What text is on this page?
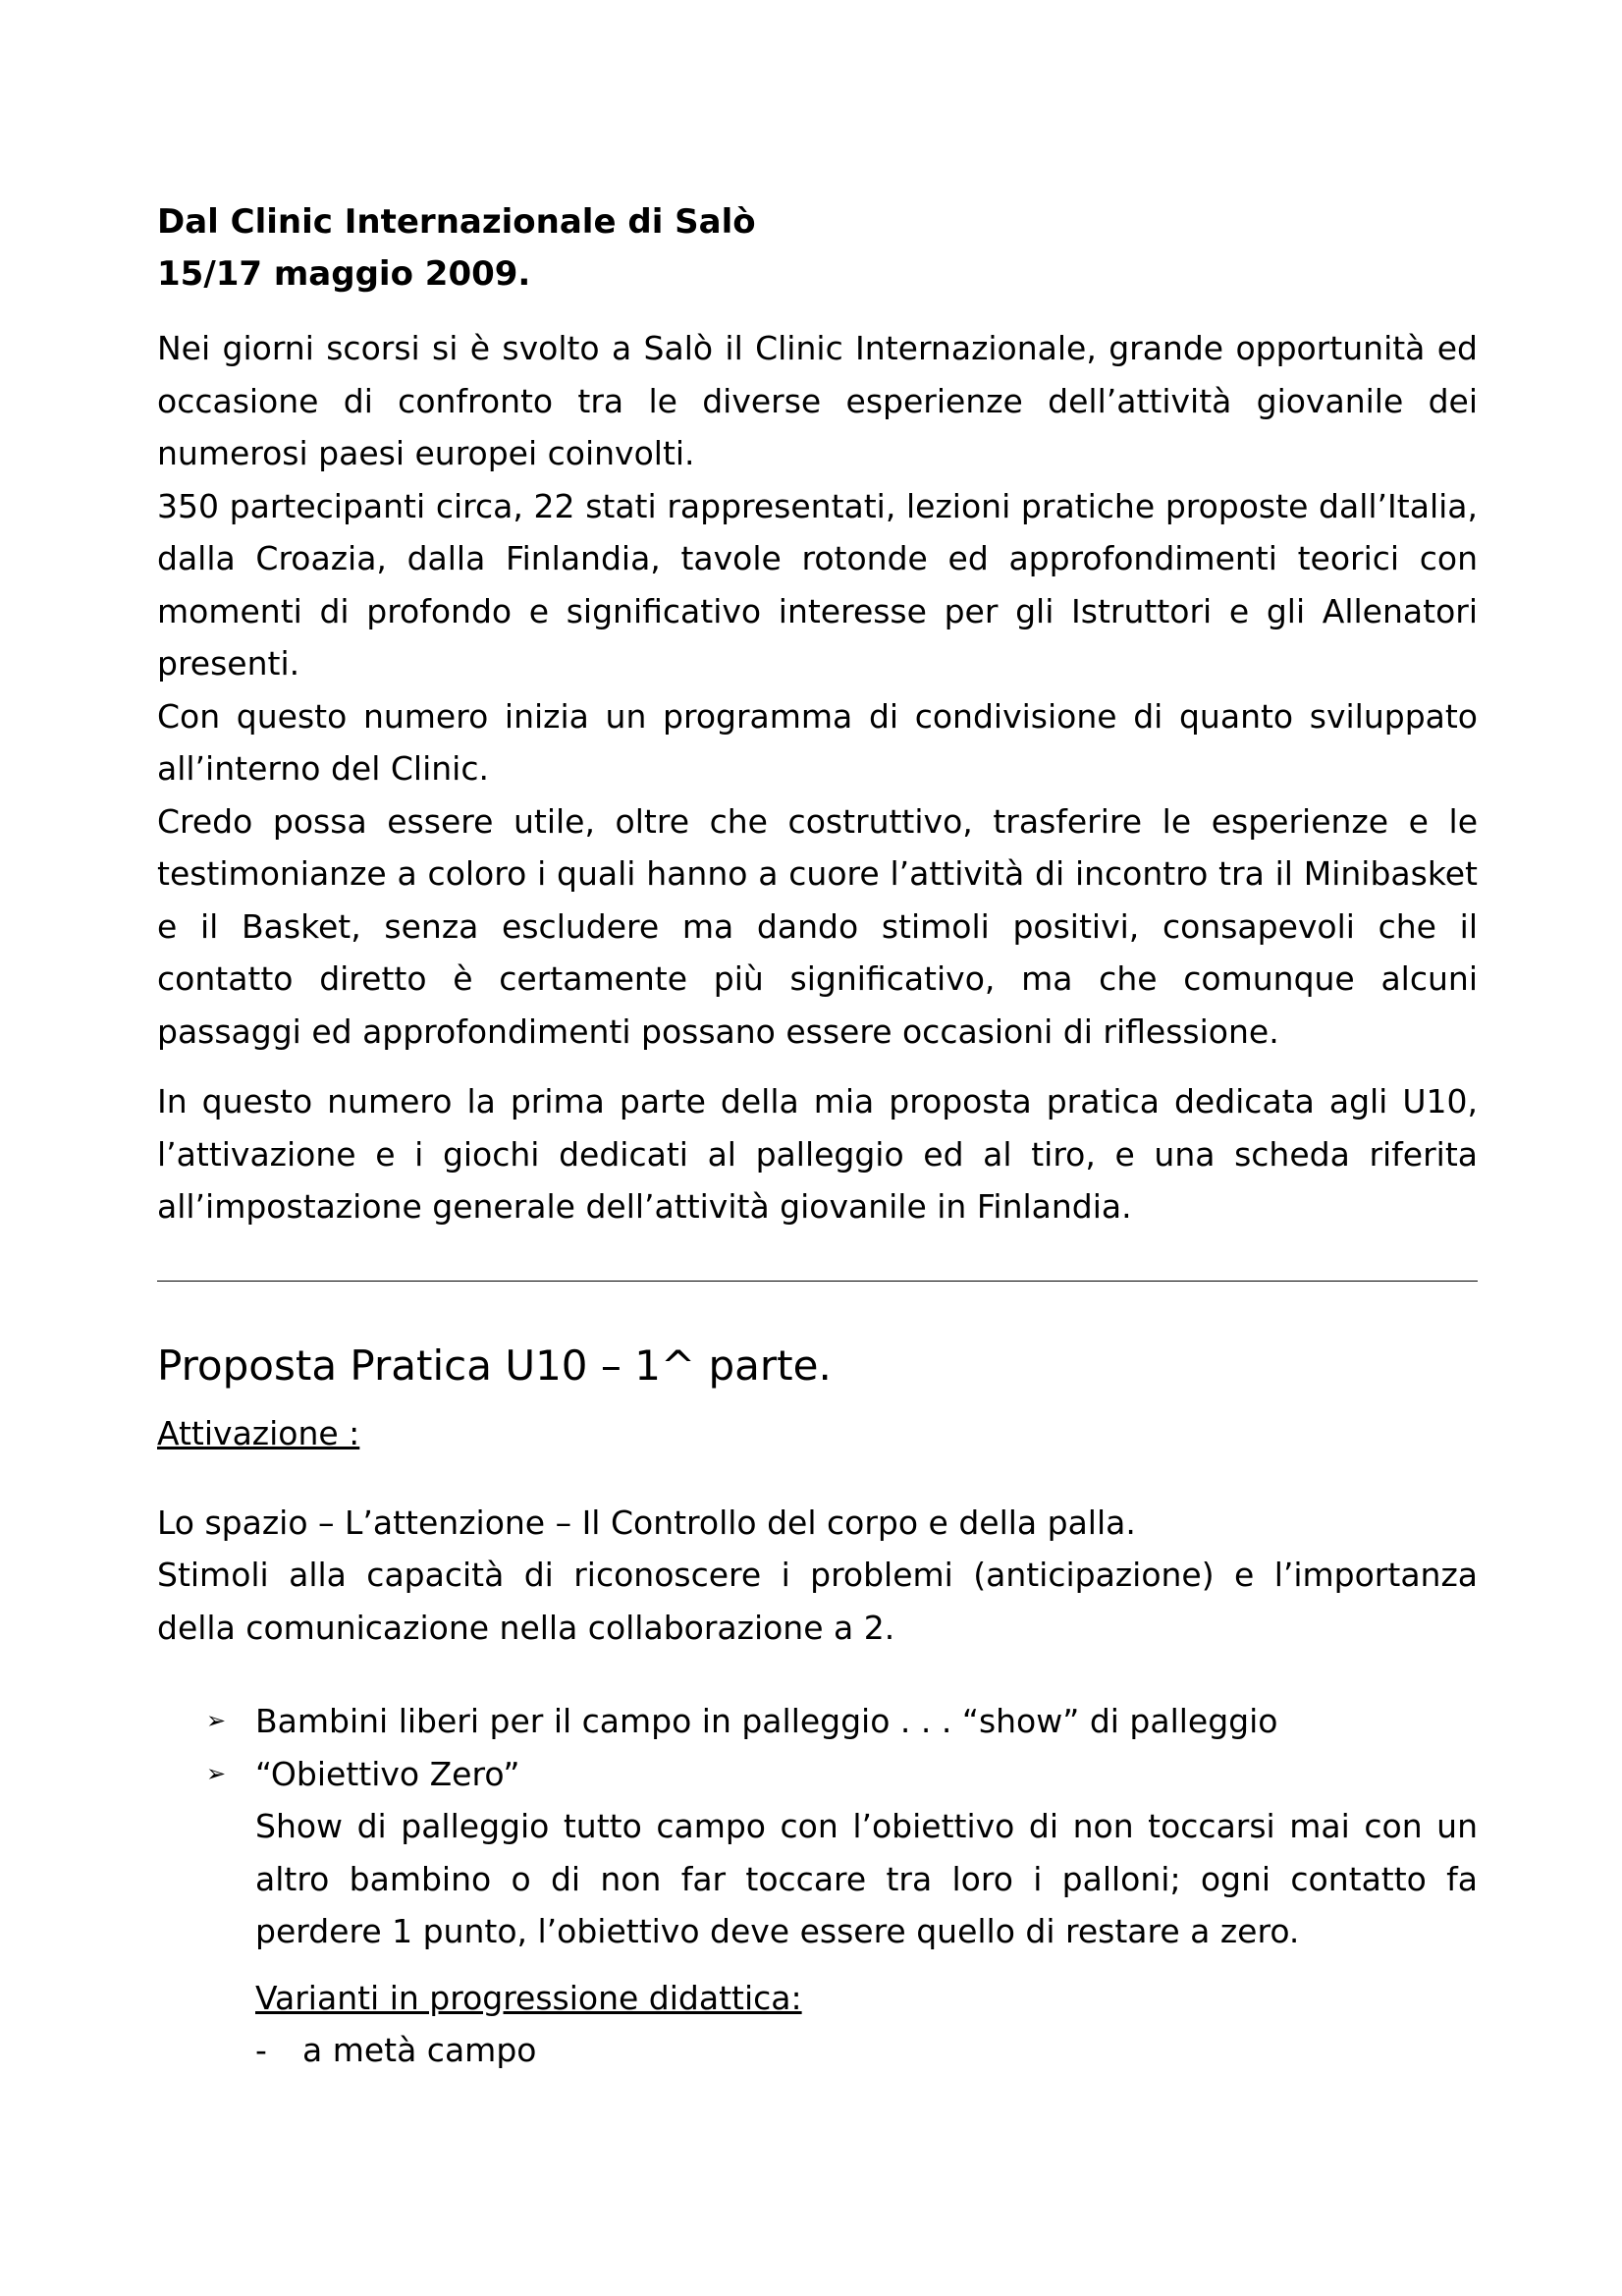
Dal Clinic Internazionale di Salò

15/17 maggio 2009.

Nei giorni scorsi si è svolto a Salò il Clinic Internazionale, grande opportunità ed occasione di confronto tra le diverse esperienze dell’attività giovanile dei numerosi paesi europei coinvolti.

350 partecipanti circa, 22 stati rappresentati, lezioni pratiche proposte dall’Italia, dalla Croazia, dalla Finlandia, tavole rotonde ed approfondimenti teorici con momenti di profondo e significativo interesse per gli Istruttori e gli Allenatori presenti.

Con questo numero inizia un programma di condivisione di quanto sviluppato all’interno del Clinic.

Credo possa essere utile, oltre che costruttivo, trasferire le esperienze e le testimonianze a coloro i quali hanno a cuore l’attività di incontro tra il Minibasket e il Basket, senza escludere ma dando stimoli positivi, consapevoli che il contatto diretto è certamente più significativo, ma che comunque alcuni passaggi ed approfondimenti possano essere occasioni di riflessione.

In questo numero la prima parte della mia proposta pratica dedicata agli U10, l’attivazione e i giochi dedicati al palleggio ed al tiro, e una scheda riferita all’impostazione generale dell’attività giovanile in Finlandia.

Proposta Pratica U10 – 1^ parte.

Attivazione :

Lo spazio – L’attenzione – Il Controllo del corpo e della palla.

Stimoli alla capacità di riconoscere i problemi (anticipazione) e l’importanza della comunicazione nella collaborazione a 2.

➢ Bambini liberi per il campo in palleggio . . . “show” di palleggio
➢ “Obiettivo Zero”

Show di palleggio tutto campo con l’obiettivo di non toccarsi mai con un altro bambino o di non far toccare tra loro i palloni; ogni contatto fa perdere 1 punto, l’obiettivo deve essere quello di restare a zero.

Varianti in progressione didattica:

-	a metà campo
